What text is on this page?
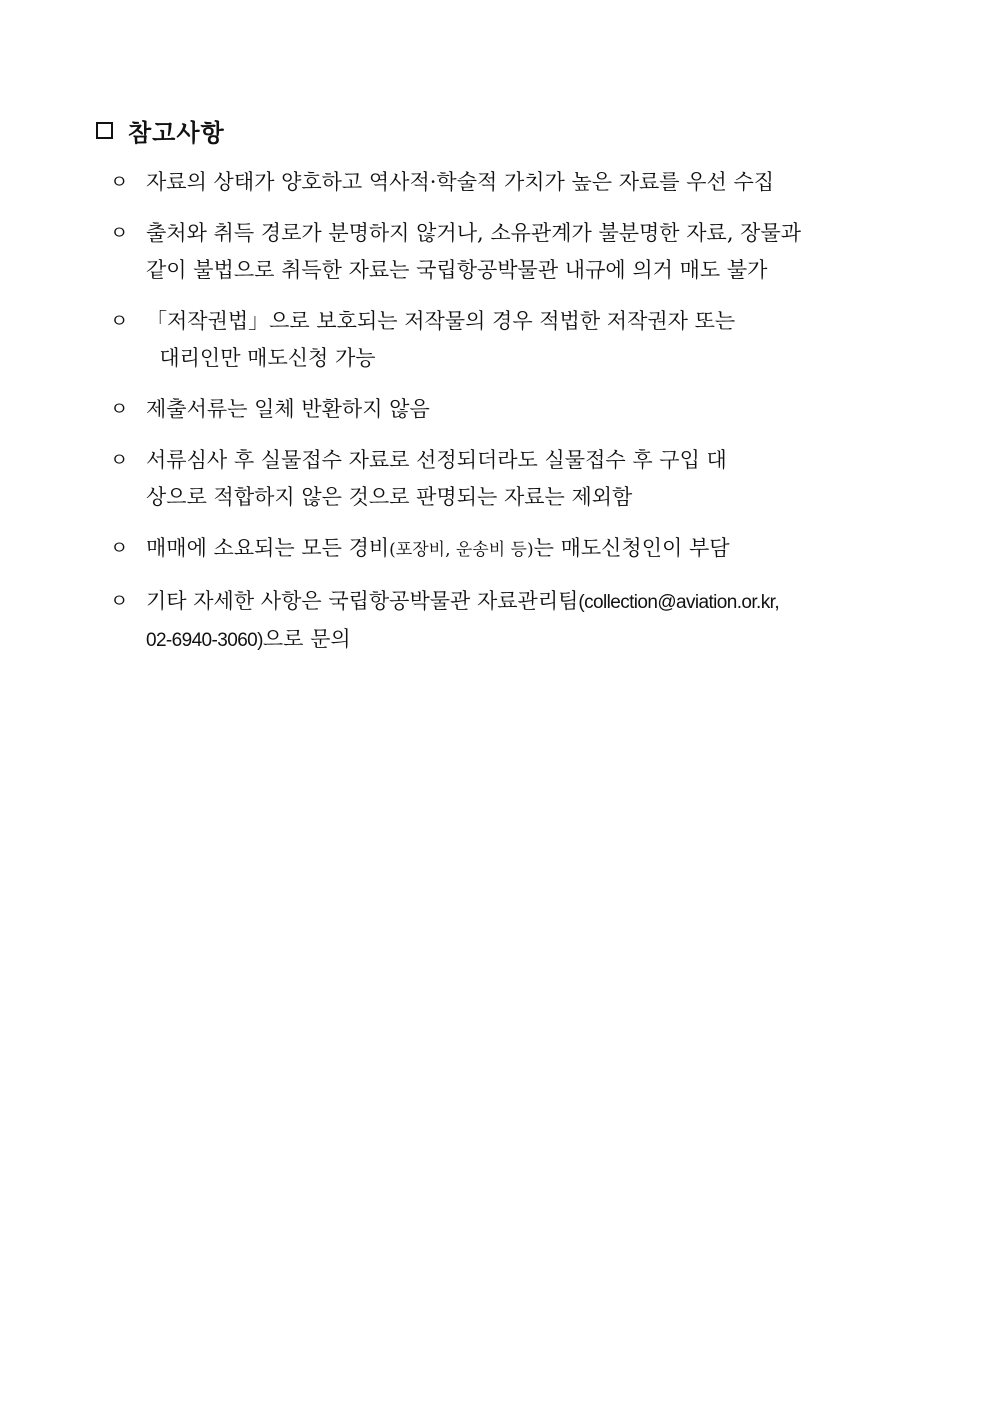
참고사항
ㅇ 자료의 상태가 양호하고 역사적·학술적 가치가 높은 자료를 우선 수집
ㅇ 출처와 취득 경로가 분명하지 않거나, 소유관계가 불분명한 자료, 장물과
같이 불법으로 취득한 자료는 국립항공박물관 내규에 의거 매도 불가
ㅇ 「저작권법」으로 보호되는 저작물의 경우 적법한 저작권자 또는
대리인만 매도신청 가능
ㅇ 제출서류는 일체 반환하지 않음
ㅇ 서류심사 후 실물접수 자료로 선정되더라도 실물접수 후 구입 대
상으로 적합하지 않은 것으로 판명되는 자료는 제외함
ㅇ 매매에 소요되는 모든 경비(포장비, 운송비 등)는 매도신청인이 부담
ㅇ 기타 자세한 사항은 국립항공박물관 자료관리팀(collection@aviation.or.kr,
02-6940-3060)으로 문의
